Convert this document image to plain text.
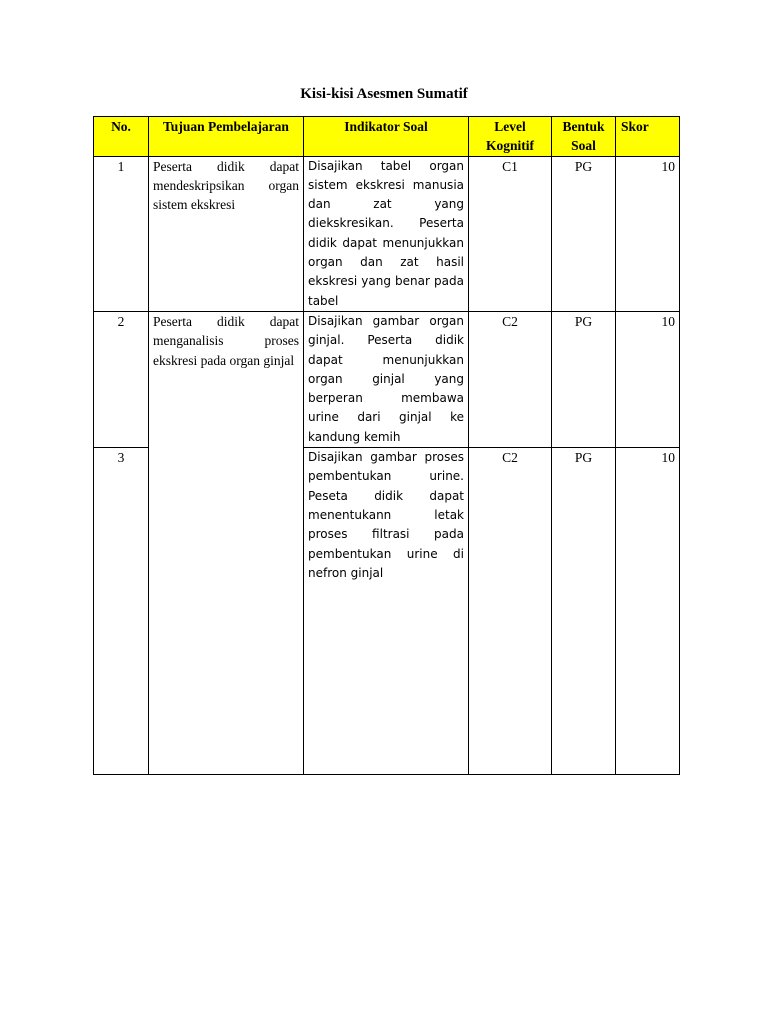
Kisi-kisi Asesmen Sumatif
No.	Tujuan Pembelajaran	Indikator Soal	Level Kognitif	Bentuk Soal	Skor
1	Peserta didik dapat mendeskripsikan organ sistem ekskresi	Disajikan tabel organ sistem ekskresi manusia dan zat yang diekskresikan. Peserta didik dapat menunjukkan organ dan zat hasil ekskresi yang benar pada tabel	C1	PG	10
2	Peserta didik dapat menganalisis proses ekskresi pada organ ginjal	Disajikan gambar organ ginjal. Peserta didik dapat menunjukkan organ ginjal yang berperan membawa urine dari ginjal ke kandung kemih	C2	PG	10
3		Disajikan gambar proses pembentukan urine. Peseta didik dapat menentukann letak proses filtrasi pada pembentukan urine di nefron ginjal	C2	PG	10
